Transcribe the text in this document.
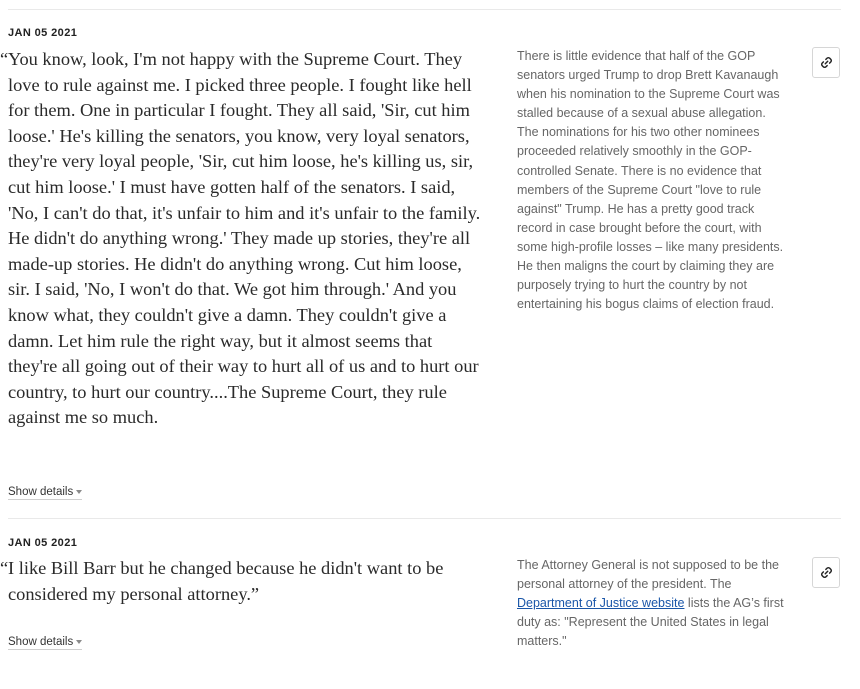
JAN 05 2021

“ You know, look, I'm not happy with the Supreme Court. They love to rule against me. I picked three people. I fought like hell for them. One in particular I fought. They all said, 'Sir, cut him loose.' He's killing the senators, you know, very loyal senators, they're very loyal people, 'Sir, cut him loose, he's killing us, sir, cut him loose.' I must have gotten half of the senators. I said, 'No, I can't do that, it's unfair to him and it's unfair to the family. He didn't do anything wrong.' They made up stories, they're all made-up stories. He didn't do anything wrong. Cut him loose, sir. I said, 'No, I won't do that. We got him through.' And you know what, they couldn't give a damn. They couldn't give a damn. Let him rule the right way, but it almost seems that they're all going out of their way to hurt all of us and to hurt our country, to hurt our country....The Supreme Court, they rule against me so much.

There is little evidence that half of the GOP senators urged Trump to drop Brett Kavanaugh when his nomination to the Supreme Court was stalled because of a sexual abuse allegation. The nominations for his two other nominees proceeded relatively smoothly in the GOP-controlled Senate. There is no evidence that members of the Supreme Court "love to rule against" Trump. He has a pretty good track record in case brought before the court, with some high-profile losses – like many presidents. He then maligns the court by claiming they are purposely trying to hurt the country by not entertaining his bogus claims of election fraud.

Show details
JAN 05 2021

“ I like Bill Barr but he changed because he didn't want to be considered my personal attorney.”

The Attorney General is not supposed to be the personal attorney of the president. The Department of Justice website lists the AG’s first duty as: "Represent the United States in legal matters."

Show details
